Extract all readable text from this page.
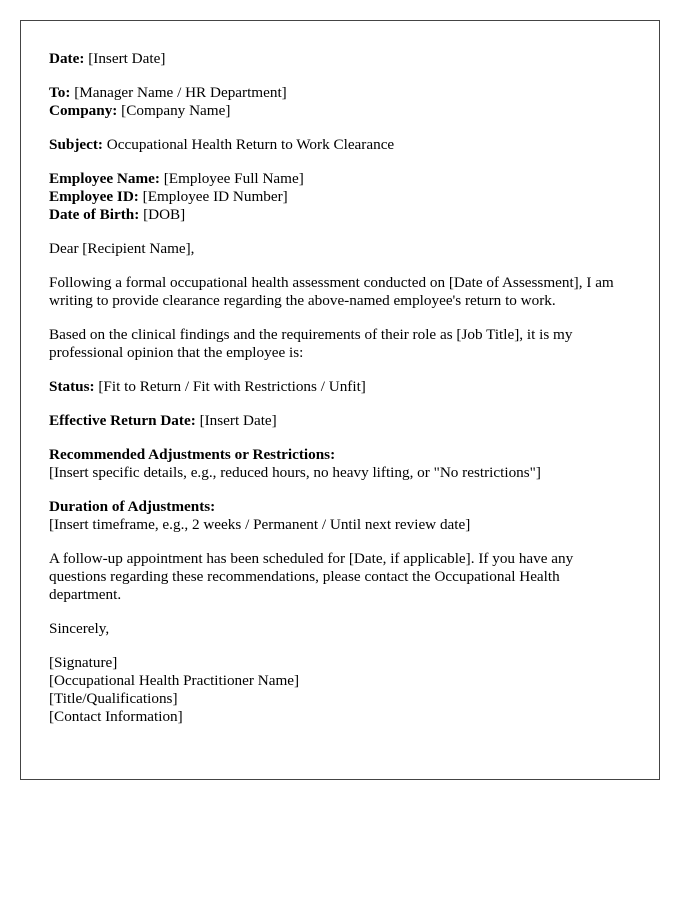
Date: [Insert Date]

To: [Manager Name / HR Department]
Company: [Company Name]

Subject: Occupational Health Return to Work Clearance

Employee Name: [Employee Full Name]
Employee ID: [Employee ID Number]
Date of Birth: [DOB]

Dear [Recipient Name],

Following a formal occupational health assessment conducted on [Date of Assessment], I am writing to provide clearance regarding the above-named employee's return to work.

Based on the clinical findings and the requirements of their role as [Job Title], it is my professional opinion that the employee is:

Status: [Fit to Return / Fit with Restrictions / Unfit]

Effective Return Date: [Insert Date]

Recommended Adjustments or Restrictions:
[Insert specific details, e.g., reduced hours, no heavy lifting, or "No restrictions"]

Duration of Adjustments:
[Insert timeframe, e.g., 2 weeks / Permanent / Until next review date]

A follow-up appointment has been scheduled for [Date, if applicable]. If you have any questions regarding these recommendations, please contact the Occupational Health department.

Sincerely,

[Signature]
[Occupational Health Practitioner Name]
[Title/Qualifications]
[Contact Information]
